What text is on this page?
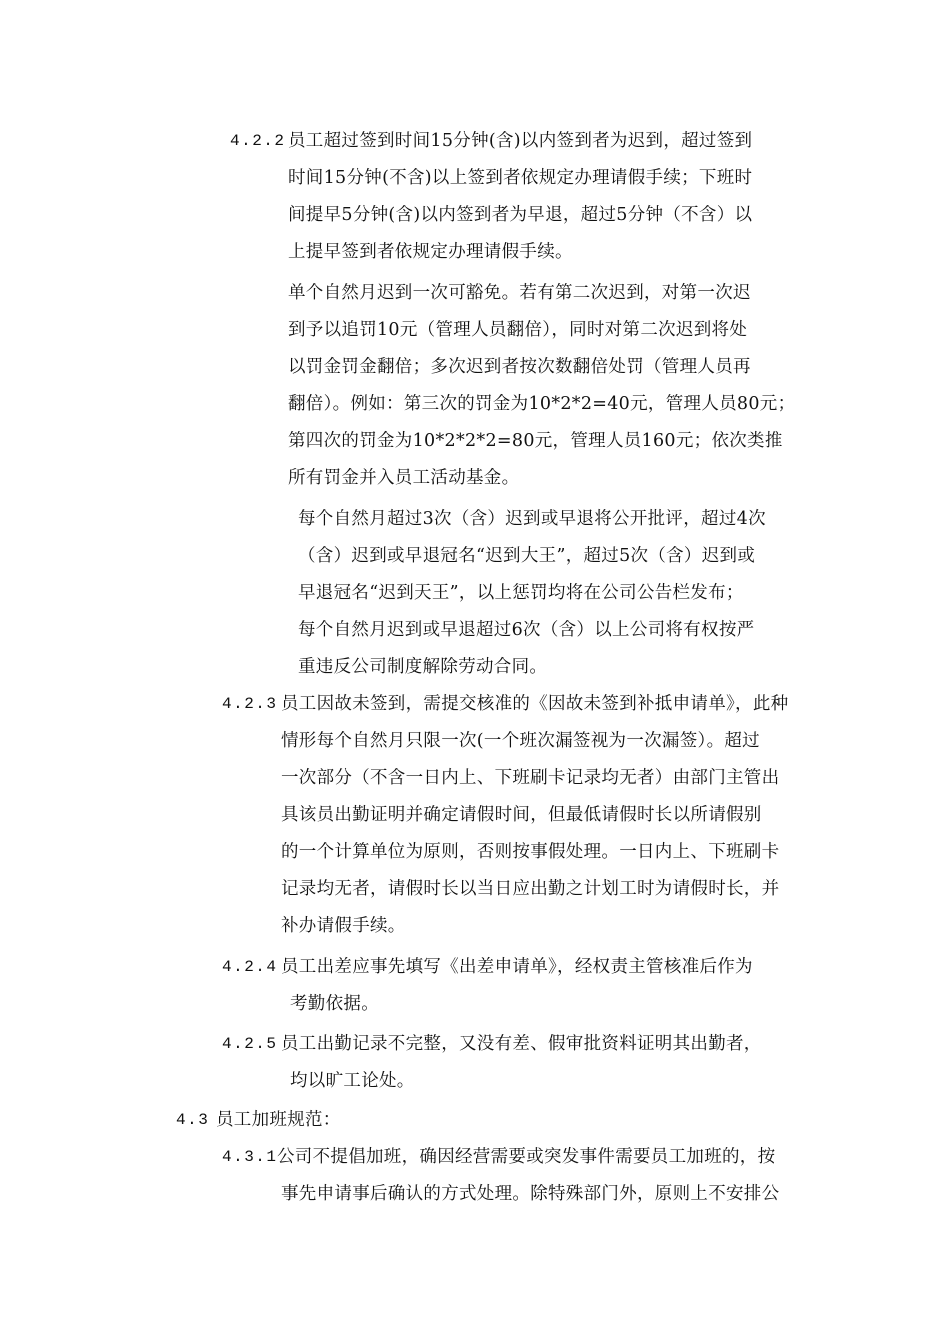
4.2.2 员工超过签到时间15分钟(含)以内签到者为迟到，超过签到
时间15分钟(不含)以上签到者依规定办理请假手续；下班时
间提早5分钟(含)以内签到者为早退，超过5分钟（不含）以
上提早签到者依规定办理请假手续。
单个自然月迟到一次可豁免。若有第二次迟到，对第一次迟
到予以追罚10元（管理人员翻倍），同时对第二次迟到将处
以罚金罚金翻倍；多次迟到者按次数翻倍处罚（管理人员再
翻倍）。例如：第三次的罚金为10*2*2=40元，管理人员80元；
第四次的罚金为10*2*2*2=80元，管理人员160元；依次类推
所有罚金并入员工活动基金。
每个自然月超过3次（含）迟到或早退将公开批评，超过4次
（含）迟到或早退冠名“迟到大王”，超过5次（含）迟到或
早退冠名“迟到天王”，以上惩罚均将在公司公告栏发布；
每个自然月迟到或早退超过6次（含）以上公司将有权按严
重违反公司制度解除劳动合同。
4.2.3 员工因故未签到，需提交核准的《因故未签到补抵申请单》，此种
情形每个自然月只限一次(一个班次漏签视为一次漏签）。超过
一次部分（不含一日内上、下班刷卡记录均无者）由部门主管出
具该员出勤证明并确定请假时间，但最低请假时长以所请假别
的一个计算单位为原则，否则按事假处理。一日内上、下班刷卡
记录均无者，请假时长以当日应出勤之计划工时为请假时长，并
补办请假手续。
4.2.4 员工出差应事先填写《出差申请单》，经权责主管核准后作为
考勤依据。
4.2.5 员工出勤记录不完整，又没有差、假审批资料证明其出勤者，
均以旷工论处。
4.3 员工加班规范：
4.3.1 公司不提倡加班，确因经营需要或突发事件需要员工加班的，按
事先申请事后确认的方式处理。除特殊部门外，原则上不安排公
